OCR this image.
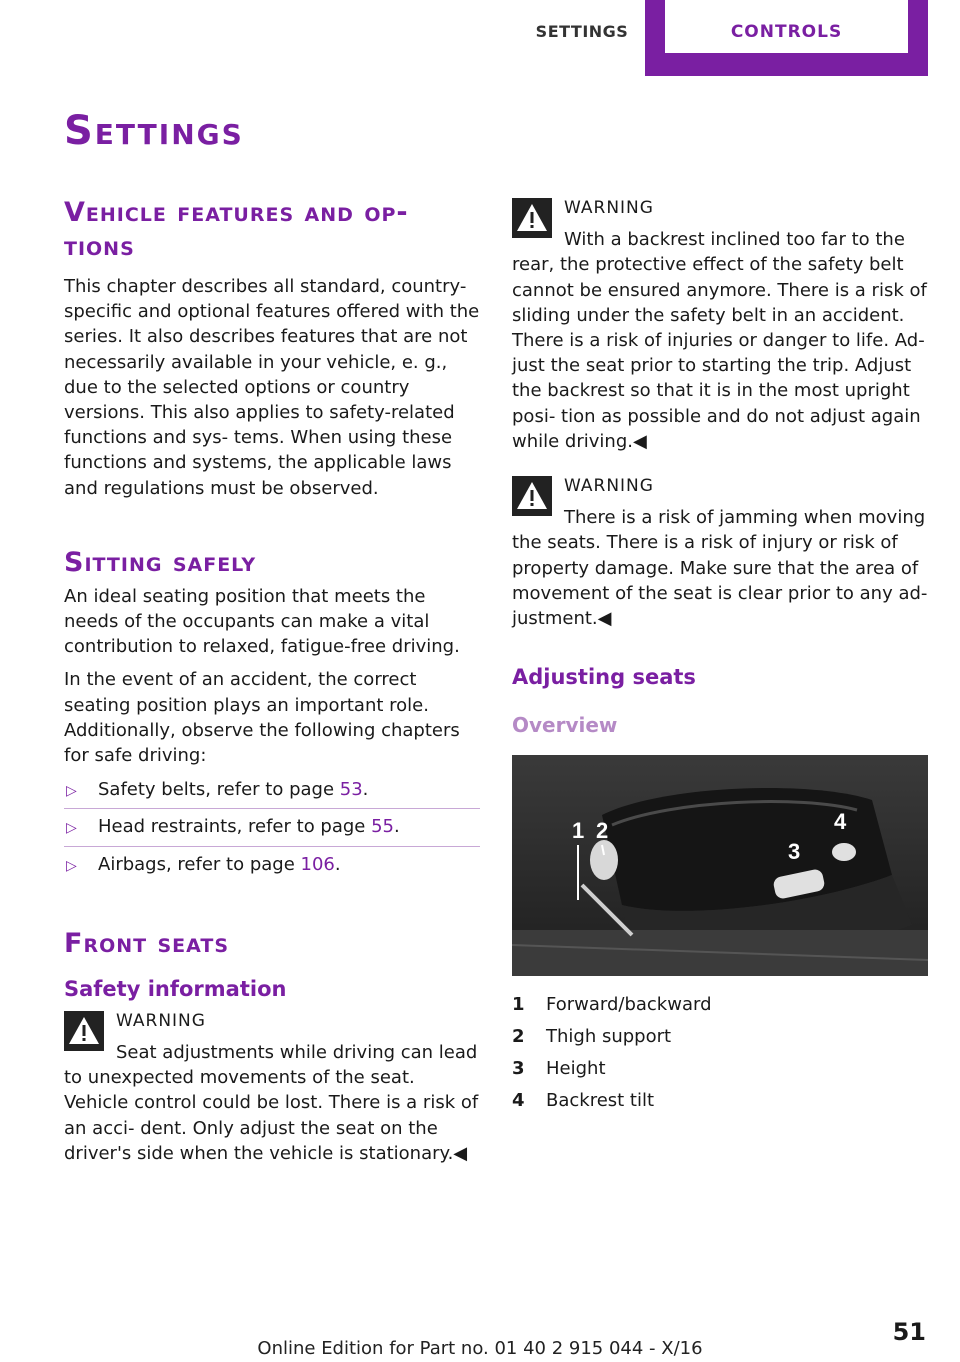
SETTINGS	CONTROLS
Settings
Vehicle features and op‐ tions

This chapter describes all standard, country-specific and optional features offered with the series. It also describes features that are not necessarily available in your vehicle, e. g., due to the selected options or country versions. This also applies to safety-related functions and sys‐ tems. When using these functions and systems, the applicable laws and regulations must be observed.

Sitting safely

An ideal seating position that meets the needs of the occupants can make a vital contribution to relaxed, fatigue-free driving.

In the event of an accident, the correct seating position plays an important role. Additionally, observe the following chapters for safe driving:

▷ Safety belts, refer to page 53.
▷ Head restraints, refer to page 55.
▷ Airbags, refer to page 106.
Front seats
Safety information
WARNING

Seat adjustments while driving can lead
to unexpected movements of the seat. Vehicle control could be lost. There is a risk of an acci‐ dent. Only adjust the seat on the driver's side when the vehicle is stationary.◀

WARNING

With a backrest inclined too far to the
rear, the protective effect of the safety belt cannot be ensured anymore. There is a risk of sliding under the safety belt in an accident. There is a risk of injuries or danger to life. Ad‐ just the seat prior to starting the trip. Adjust the backrest so that it is in the most upright posi‐ tion as possible and do not adjust again while driving.◀

WARNING

There is a risk of jamming when moving
the seats. There is a risk of injury or risk of property damage. Make sure that the area of movement of the seat is clear prior to any ad‐ justment.◀

Adjusting seats
Overview
1 2
3
4
1	Forward/backward
2	Thigh support
3	Height
4	Backrest tilt
51
Online Edition for Part no. 01 40 2 915 044 - X/16
